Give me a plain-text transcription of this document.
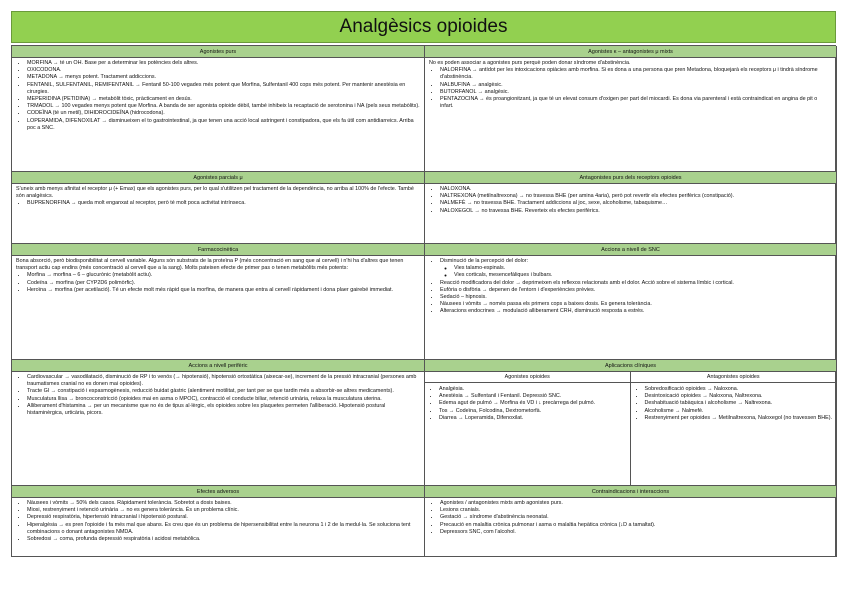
Analgèsics opioides
Agonistes purs	Agonistes κ – antagonistes μ mixts
• MORFINA → té un OH. Base per a determinar les potències dels altres.
• OXICODONA.
• METADONA → menys potent. Tractament addiccions.
• FENTANIL, SULFENTANIL, REMIFENTANIL → Fentanil 50-100 vegades més potent que Morfina, Sulfentanil 400 cops més potent. Per mantenir anestèsia en cirurgies.
• MEPERIDINA (PETIDINA) → metabòlit tòxic, pràcticament en desús.
• TRMADOL → 100 vegades menys potent que Morfina. A banda de ser agonista opioide dèbil, també inhibeix la recaptació de serotonina i NA (pels seus metabòlits).
• CODEÏNA (té un metil), DIHIDROCIDEÏNA (hidrocodona).
• LOPERAMIDA, DIFENOXILAT → disminueixen el to gastrointestinal, ja que tenen una acció local astringent i constipadora, que els fa útil com antidiarreics. Arriba poc a SNC.

No es poden associar a agonistes purs perquè poden donar síndrome d'abstinència.

• NALORFINA → antídot per les intoxicacions opiàcies amb morfina. Si es dona a una persona que pren Metadona, bloquejarà els receptors μ i tindrà síndrome d'abstinència.
• NALBUFINA → analgèsic.
• BUTORFANOL → analgèsic.
• PENTAZOCINA → és proangionitzant, ja que té un elevat consum d'oxigen per part del miocardi. Es dona via parenteral i està contraindicat en angina de pit o infart.
Agonistes parcials μ	Antagonistes purs dels receptors opioides

S'uneix amb menys afinitat el receptor μ (+ Emax) que els agonistes purs, per lo qual s'utilitzen pel tractament de la dependència, no arriba al 100% de l'efecte. També són analgèsics.

• BUPRENORFINA → queda molt enganxat al receptor, però té molt poca activitat intrínseca.
• NALOXONA.
• NALTREXONA (metilnaltrexona) → no travessa BHE (per amina 4aria), però pot revertir els efectes perifèrics (constipació).
• NALMEFÈ → no travessa BHE. Tractament addiccions al joc, sexe, alcoholisme, tabaquisme…
• NALOXEGOL → no travessa BHE. Reverteix els efectes perifèrics.
Farmacocinètica	Accions a nivell de SNC

Bona absorció, però biodisponibilitat al cervell variable. Alguns són substrats de la proteïna P (més concentració en sang que al cervell) i n'hi ha d'altres que tenen transport actiu cap endins (més concentració al cervell que a la sang). Molts pateixen efecte de primer pas o tenen metabòlits més potents:

• Morfina → morfina – 6 – glucurònic (metabòlit actiu).
• Codeïna → morfina (per CYP2D6 polimòrfic).
• Heroïna → morfina (per acetilació). Té un efecte molt més ràpid que la morfina, de manera que entra al cervell ràpidament i dona plaer gairebé immediat.
• Disminució de la percepció del dolor:
◦ Vies talamo-espinals.
◦ Vies corticals, mesencefàliques i bulbars.
• Reacció modificadora del dolor → deprimeixen els reflexos relacionats amb el dolor. Acció sobre el sistema límbic i cortical.
• Eufòria o disfòria → depenen de l'entorn i d'experiències prèvies.
• Sedació – hipnosis.
• Nàusees i vòmits → només passa els primers cops a baixes dosis. Es genera tolerància.
• Alteracions endocrines → modulació alliberament CRH, disminució resposta a estrès.
Accions a nivell perifèric	Aplicacions clíniques
• Cardiovascular → vasodilatació, disminució de RP i to venós (→ hipotensió), hipotensió ortostàtica (aixecar-se), increment de la pressió intracranial (persones amb traumatismes cranial no es donen mai opioides).
• Tracte GI → constipació i espasmogènesis, reducció buidat gàstric (alentiment motilitat, per tant per se que tardin més a absorbir-se altres medicaments).
• Musculatura llisa → broncoconstricció (opioides mai en asma o MPOC), contracció el conducte biliar, retenció urinària, relaxa la musculatura uterina.
• Alliberament d'histamina → per un mecanisme que no és de tipus al·lèrgic, els opioides sobre les plaquetes permeten l'alliberació. Hipotensió postural histaminèrgica, urticària, picors.
Agonistes opioides
• Analgèsia.
• Anestèsia → Sulfentanil i Fentanil. Depressió SNC.
• Edema agut de pulmó → Morfina és VD i ↓ precàrrega del pulmó.
• Tos → Codeïna, Folcodina, Dextrometorfà.
• Diarrea → Loperamida, Difenoxilat.
Antagonistes opioides
• Sobredosificació opioides → Naloxona.
• Desintoxicació opioides → Naloxona, Naltrexona.
• Deshabituació tabàquica i alcoholisme → Naltrexona.
• Alcoholisme → Nalmefè.
• Restrenyiment per opioides → Metilnaltrexona, Naloxegol (no travessen BHE).
Efectes adversos	Contraindicacions i interaccions
• Nàusees i vòmits → 50% dels casos. Ràpidament tolerància. Sobretot a dosis baixes.
• Miosi, restrenyiment i retenció urinària → no es genera tolerància. És un problema clínic.
• Depressió respiratòria, hipertensió intracranial i hipotensió postural.
• Hiperalgèsia → es pren l'opioide i fa més mal que abans. Es creu que és un problema de hipersensibilitat entre la neurona 1 i 2 de la medul·la. Se soluciona tent combinacions o donant antagonistes NMDA.
• Sobredosi → coma, profunda depressió respiratòria i acidosi metabòlica.
• Agonistes / antagonistes mixts amb agonistes purs.
• Lesions cranials.
• Gestació → síndrome d'abstinència neonatal.
• Precaució en malaltia crònica pulmonar i asma o malaltia hepàtica crònica (↓D a tamaltat).
• Depressors SNC, com l'alcohol.
